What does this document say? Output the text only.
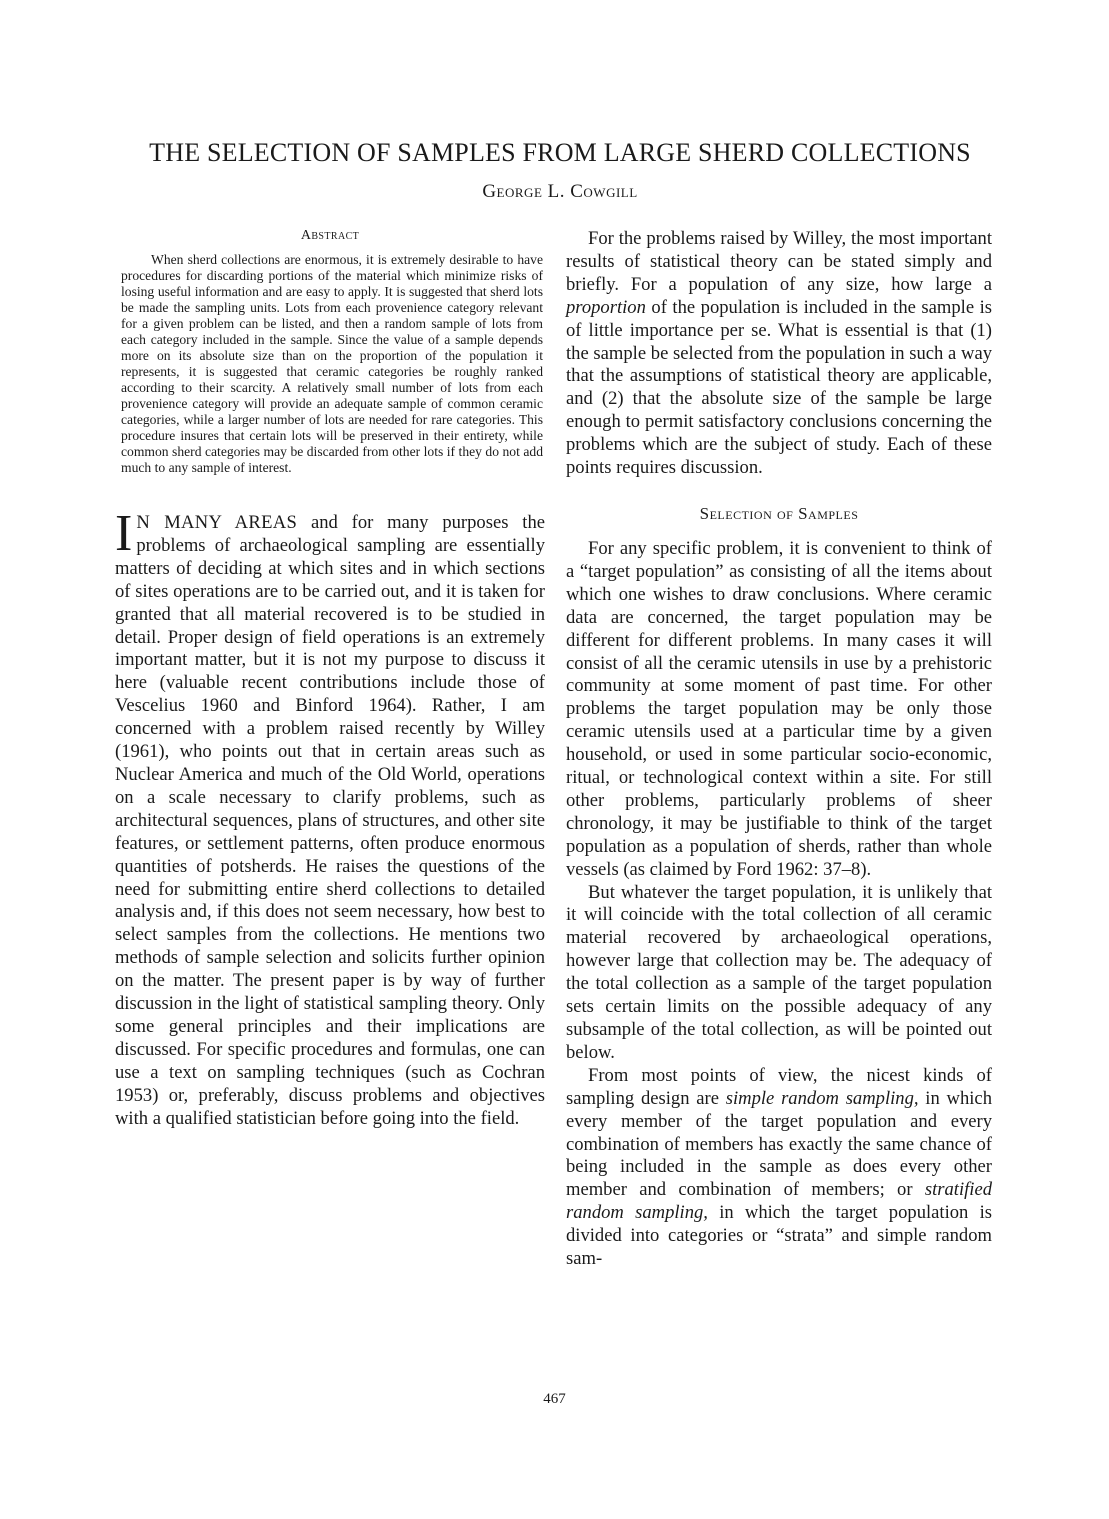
THE SELECTION OF SAMPLES FROM LARGE SHERD COLLECTIONS
George L. Cowgill
Abstract

When sherd collections are enormous, it is extremely desirable to have procedures for discarding portions of the material which minimize risks of losing useful information and are easy to apply. It is suggested that sherd lots be made the sampling units. Lots from each provenience category relevant for a given problem can be listed, and then a random sample of lots from each category included in the sample. Since the value of a sample depends more on its absolute size than on the proportion of the population it represents, it is suggested that ceramic categories be roughly ranked according to their scarcity. A relatively small number of lots from each provenience category will provide an adequate sample of common ceramic categories, while a larger number of lots are needed for rare categories. This procedure insures that certain lots will be preserved in their entirety, while common sherd categories may be discarded from other lots if they do not add much to any sample of interest.

I N MANY AREAS and for many purposes the problems of archaeological sampling are essentially matters of deciding at which sites and in which sections of sites operations are to be carried out, and it is taken for granted that all material recovered is to be studied in detail. Proper design of field operations is an extremely important matter, but it is not my purpose to discuss it here (valuable recent contributions include those of Vescelius 1960 and Binford 1964). Rather, I am concerned with a problem raised recently by Willey (1961), who points out that in certain areas such as Nuclear America and much of the Old World, operations on a scale necessary to clarify problems, such as architectural sequences, plans of structures, and other site features, or settlement patterns, often produce enormous quantities of potsherds. He raises the questions of the need for submitting entire sherd collections to detailed analysis and, if this does not seem necessary, how best to select samples from the collections. He mentions two methods of sample selection and solicits further opinion on the matter. The present paper is by way of further discussion in the light of statistical sampling theory. Only some general principles and their implications are discussed. For specific procedures and formulas, one can use a text on sampling techniques (such as Cochran 1953) or, preferably, discuss problems and objectives with a qualified statistician before going into the field.

For the problems raised by Willey, the most important results of statistical theory can be stated simply and briefly. For a population of any size, how large a proportion of the population is included in the sample is of little importance per se. What is essential is that (1) the sample be selected from the population in such a way that the assumptions of statistical theory are applicable, and (2) that the absolute size of the sample be large enough to permit satisfactory conclusions concerning the problems which are the subject of study. Each of these points requires discussion.

Selection of Samples

For any specific problem, it is convenient to think of a “target population” as consisting of all the items about which one wishes to draw conclusions. Where ceramic data are concerned, the target population may be different for different problems. In many cases it will consist of all the ceramic utensils in use by a prehistoric community at some moment of past time. For other problems the target population may be only those ceramic utensils used at a particular time by a given household, or used in some particular socio-economic, ritual, or technological context within a site. For still other problems, particularly problems of sheer chronology, it may be justifiable to think of the target population as a population of sherds, rather than whole vessels (as claimed by Ford 1962: 37–8).

But whatever the target population, it is unlikely that it will coincide with the total collection of all ceramic material recovered by archaeological operations, however large that collection may be. The adequacy of the total collection as a sample of the target population sets certain limits on the possible adequacy of any subsample of the total collection, as will be pointed out below.

From most points of view, the nicest kinds of sampling design are simple random sampling, in which every member of the target population and every combination of members has exactly the same chance of being included in the sample as does every other member and combination of members; or stratified random sampling, in which the target population is divided into categories or “strata” and simple random sam-

467
